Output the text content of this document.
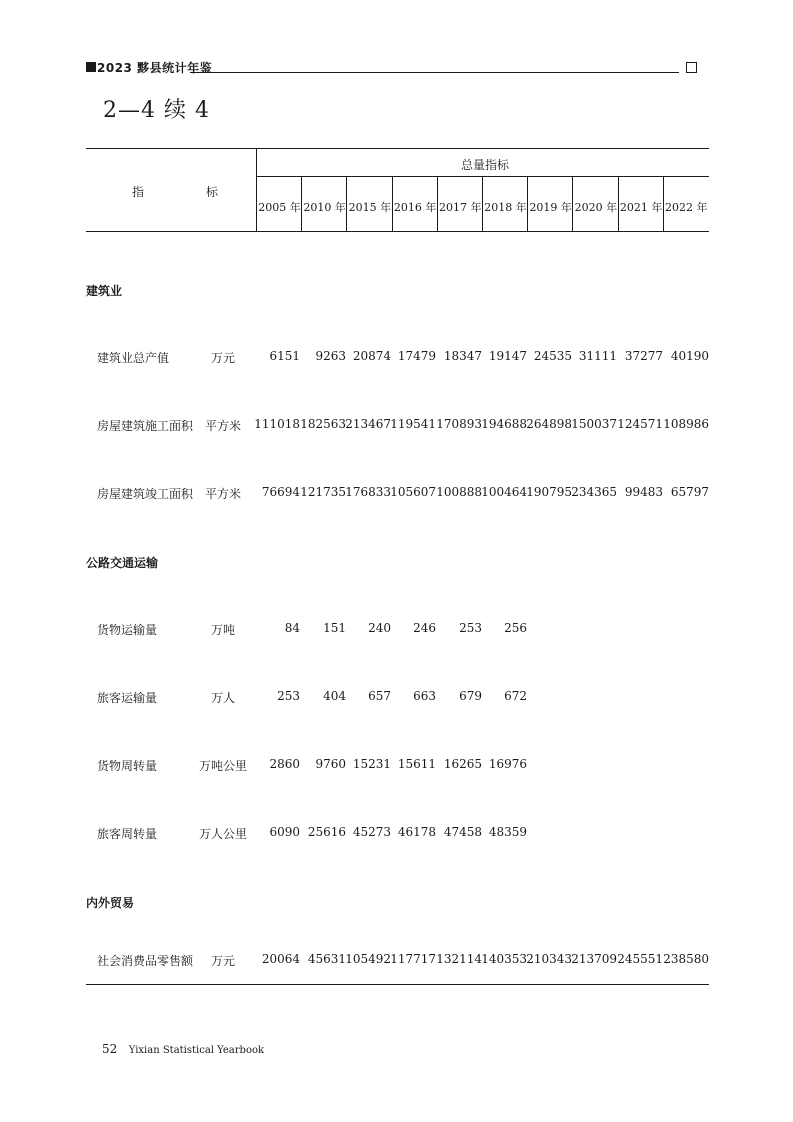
2023 黟县统计年鉴
2—4 续 4
总量指标
指	标
2005 年 2010 年 2015 年 2016 年 2017 年 2018 年 2019 年 2020 年 2021 年 2022 年
建筑业
建筑业总产值	万元	6151	9263 20874 17479 18347 19147 24535 31111 37277 40190
房屋建筑施工面积 平方米	111018 182563 213467 119541 170893 194688 264898 150037 124571 108986
房屋建筑竣工面积 平方米	76694 121735 176833 105607 100888 100464 190795 234365 99483 65797
公路交通运输
货物运输量	万吨	84	151	240	246	253	256
旅客运输量	万人	253	404	657	663	679	672
货物周转量	万吨公里	2860	9760 15231 15611 16265 16976
旅客周转量	万人公里	6090 25616 45273 46178 47458 48359
内外贸易
社会消费品零售额	万元	20064 45631 105492 117717 132114 140353 210343 213709 245551 238580
52 Yixian Statistical Yearbook
